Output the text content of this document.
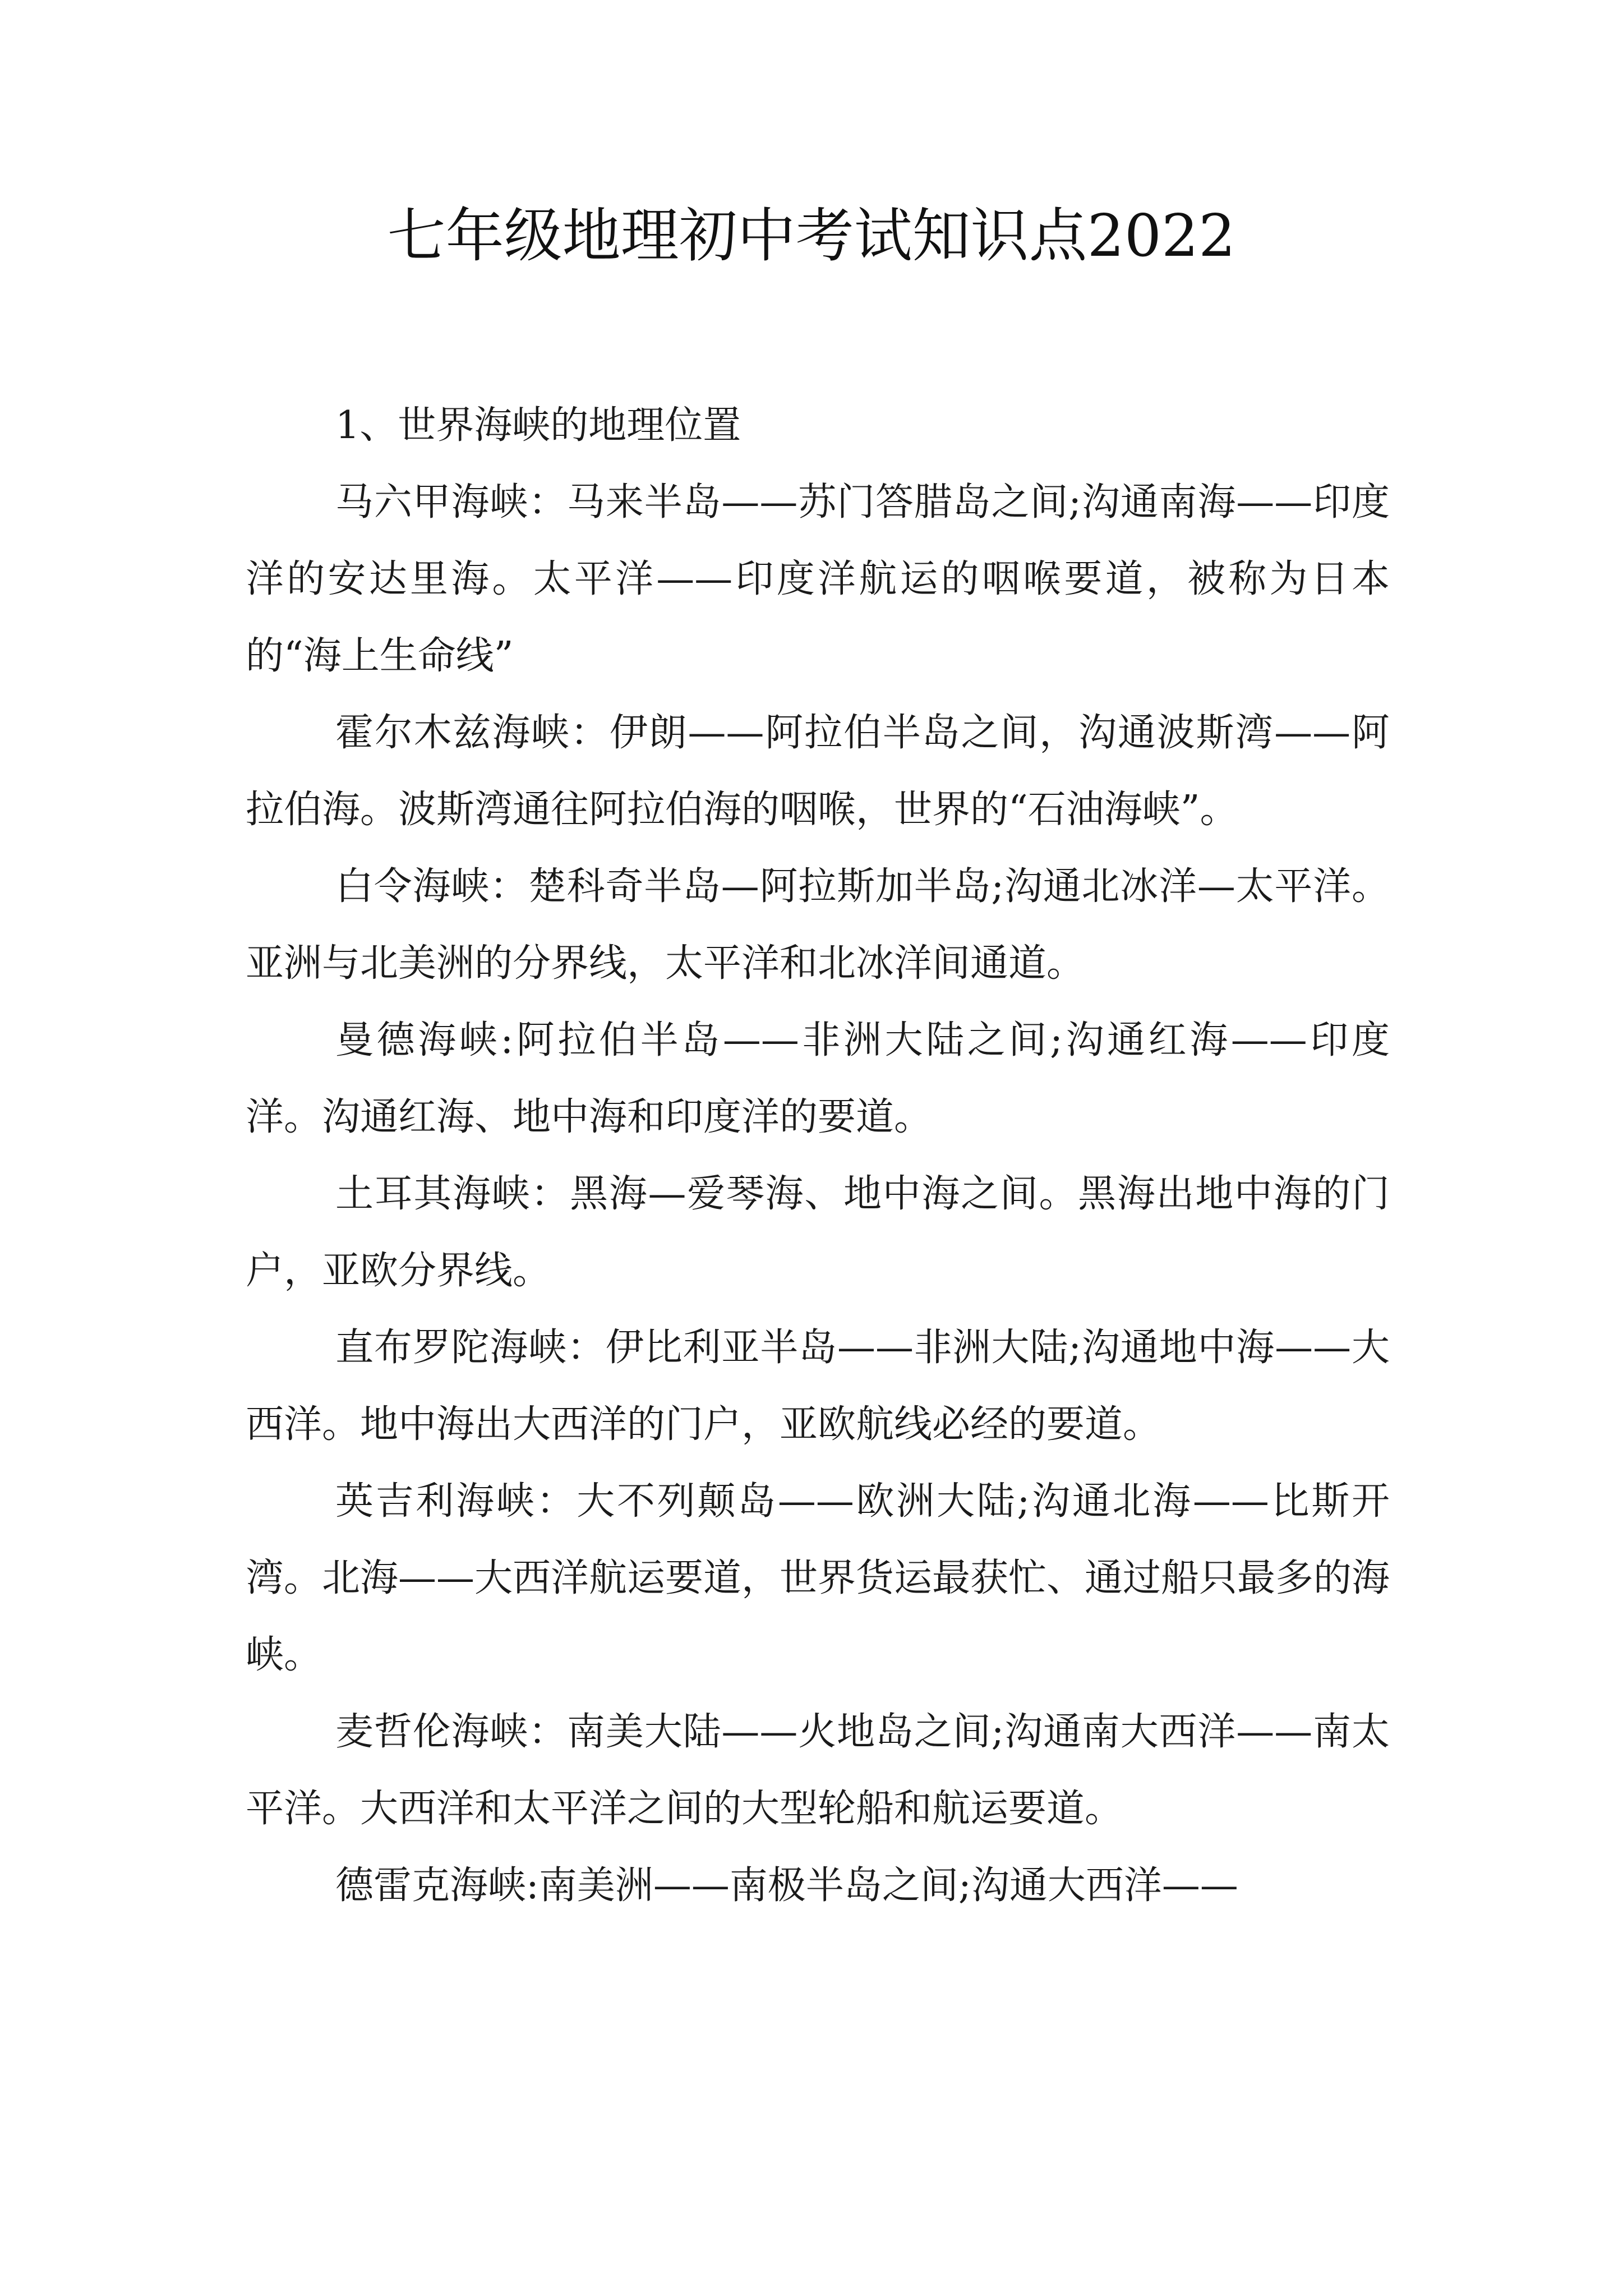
七年级地理初中考试知识点2022

1、世界海峡的地理位置

马六甲海峡：马来半岛——苏门答腊岛之间;沟通南海——印度洋的安达里海。太平洋——印度洋航运的咽喉要道，被称为日本的“海上生命线”

霍尔木兹海峡：伊朗——阿拉伯半岛之间，沟通波斯湾——阿拉伯海。波斯湾通往阿拉伯海的咽喉，世界的“石油海峡”。

白令海峡：楚科奇半岛—阿拉斯加半岛;沟通北冰洋—太平洋。亚洲与北美洲的分界线，太平洋和北冰洋间通道。

曼德海峡:阿拉伯半岛——非洲大陆之间;沟通红海——印度洋。沟通红海、地中海和印度洋的要道。

土耳其海峡：黑海—爱琴海、地中海之间。黑海出地中海的门户，亚欧分界线。

直布罗陀海峡：伊比利亚半岛——非洲大陆;沟通地中海——大西洋。地中海出大西洋的门户，亚欧航线必经的要道。

英吉利海峡：大不列颠岛——欧洲大陆;沟通北海——比斯开湾。北海——大西洋航运要道，世界货运最获忙、通过船只最多的海峡。

麦哲伦海峡：南美大陆——火地岛之间;沟通南大西洋——南太平洋。大西洋和太平洋之间的大型轮船和航运要道。

德雷克海峡:南美洲——南极半岛之间;沟通大西洋——
